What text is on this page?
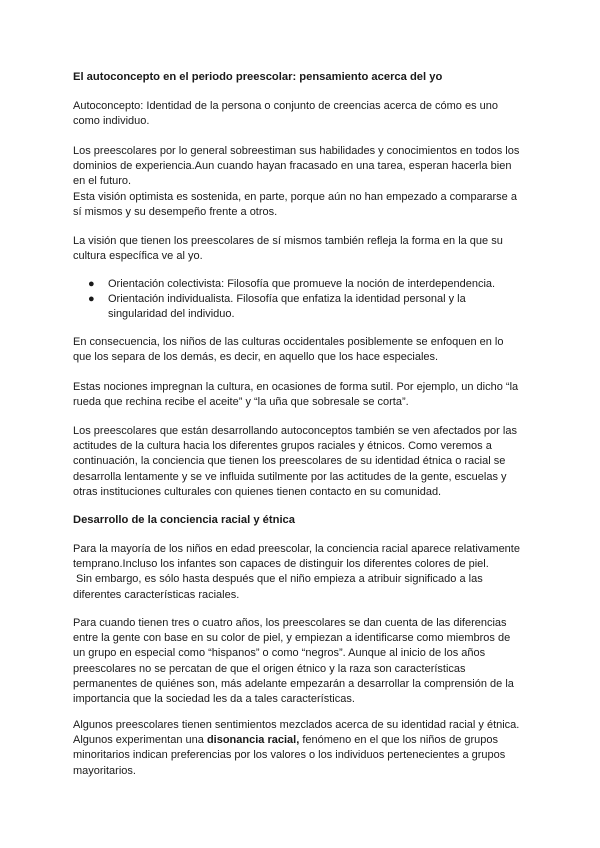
El autoconcepto en el periodo preescolar: pensamiento acerca del yo

Autoconcepto: Identidad de la persona o conjunto de creencias acerca de cómo es uno
como individuo.

Los preescolares por lo general sobreestiman sus habilidades y conocimientos en todos los
dominios de experiencia.Aun cuando hayan fracasado en una tarea, esperan hacerla bien
en el futuro.
Esta visión optimista es sostenida, en parte, porque aún no han empezado a compararse a
sí mismos y su desempeño frente a otros.

La visión que tienen los preescolares de sí mismos también refleja la forma en la que su
cultura específica ve al yo.

● Orientación colectivista: Filosofía que promueve la noción de interdependencia.
● Orientación individualista. Filosofía que enfatiza la identidad personal y la
singularidad del individuo.

En consecuencia, los niños de las culturas occidentales posiblemente se enfoquen en lo
que los separa de los demás, es decir, en aquello que los hace especiales.

Estas nociones impregnan la cultura, en ocasiones de forma sutil. Por ejemplo, un dicho “la
rueda que rechina recibe el aceite” y “la uña que sobresale se corta”.

Los preescolares que están desarrollando autoconceptos también se ven afectados por las
actitudes de la cultura hacia los diferentes grupos raciales y étnicos. Como veremos a
continuación, la conciencia que tienen los preescolares de su identidad étnica o racial se
desarrolla lentamente y se ve influida sutilmente por las actitudes de la gente, escuelas y
otras instituciones culturales con quienes tienen contacto en su comunidad.

Desarrollo de la conciencia racial y étnica

Para la mayoría de los niños en edad preescolar, la conciencia racial aparece relativamente
temprano.Incluso los infantes son capaces de distinguir los diferentes colores de piel.
Sin embargo, es sólo hasta después que el niño empieza a atribuir significado a las
diferentes características raciales.

Para cuando tienen tres o cuatro años, los preescolares se dan cuenta de las diferencias
entre la gente con base en su color de piel, y empiezan a identificarse como miembros de
un grupo en especial como “hispanos” o como “negros”. Aunque al inicio de los años
preescolares no se percatan de que el origen étnico y la raza son características
permanentes de quiénes son, más adelante empezarán a desarrollar la comprensión de la
importancia que la sociedad les da a tales características.

Algunos preescolares tienen sentimientos mezclados acerca de su identidad racial y étnica.
Algunos experimentan una disonancia racial, fenómeno en el que los niños de grupos
minoritarios indican preferencias por los valores o los individuos pertenecientes a grupos
mayoritarios.
